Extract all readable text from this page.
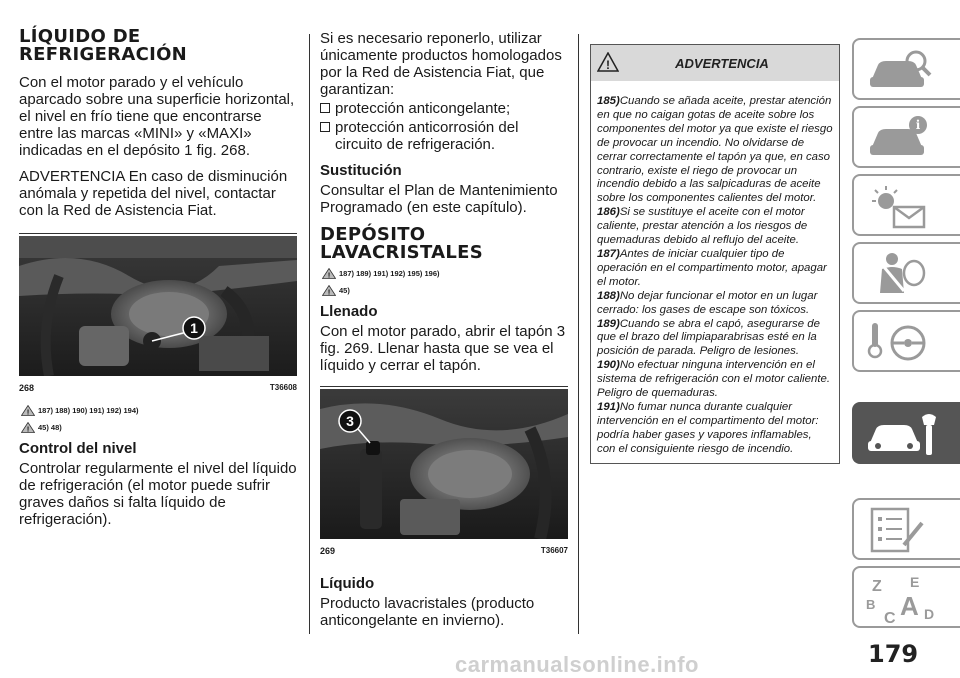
LÍQUIDO DE
REFRIGERACIÓN

Con el motor parado y el vehículo aparcado sobre una superficie horizontal, el nivel en frío tiene que encontrarse entre las marcas «MINI» y «MAXI» indicadas en el depósito 1 fig. 268.

ADVERTENCIA En caso de disminución anómala y repetida del nivel, contactar con la Red de Asistencia Fiat.

1
268	T36608
! 187) 188) 190) 191) 192) 194)
! 45) 48)
Control del nivel

Controlar regularmente el nivel del líquido de refrigeración (el motor puede sufrir graves daños si falta líquido de refrigeración).

Si es necesario reponerlo, utilizar únicamente productos homologados por la Red de Asistencia Fiat, que garantizan:

protección anticongelante;
protección anticorrosión del circuito de refrigeración.
Sustitución

Consultar el Plan de Mantenimiento Programado (en este capítulo).

DEPÓSITO
LAVACRISTALES
! 187) 189) 191) 192) 195) 196)
! 45)
Llenado

Con el motor parado, abrir el tapón 3 fig. 269. Llenar hasta que se vea el líquido y cerrar el tapón.

3
269	T36607
Líquido

Producto lavacristales (producto anticongelante en invierno).

!	ADVERTENCIA
185)Cuando se añada aceite, prestar atención en que no caigan gotas de aceite sobre los componentes del motor ya que existe el riesgo de provocar un incendio. No olvidarse de cerrar correctamente el tapón ya que, en caso contrario, existe el riego de provocar un incendio debido a las salpicaduras de aceite sobre los componentes calientes del motor.
186)Si se sustituye el aceite con el motor caliente, prestar atención a los riesgos de quemaduras debido al reflujo del aceite.
187)Antes de iniciar cualquier tipo de operación en el compartimento motor, apagar el motor.
188)No dejar funcionar el motor en un lugar cerrado: los gases de escape son tóxicos.
189)Cuando se abra el capó, asegurarse de que el brazo del limpiaparabrisas esté en la posición de parada. Peligro de lesiones.
190)No efectuar ninguna intervención en el sistema de refrigeración con el motor caliente. Peligro de quemaduras.
191)No fumar nunca durante cualquier intervención en el compartimento del motor: podría haber gases y vapores inflamables, con el consiguiente riesgo de incendio.
i
Z E
B
C A D
179
carmanualsonline.info
